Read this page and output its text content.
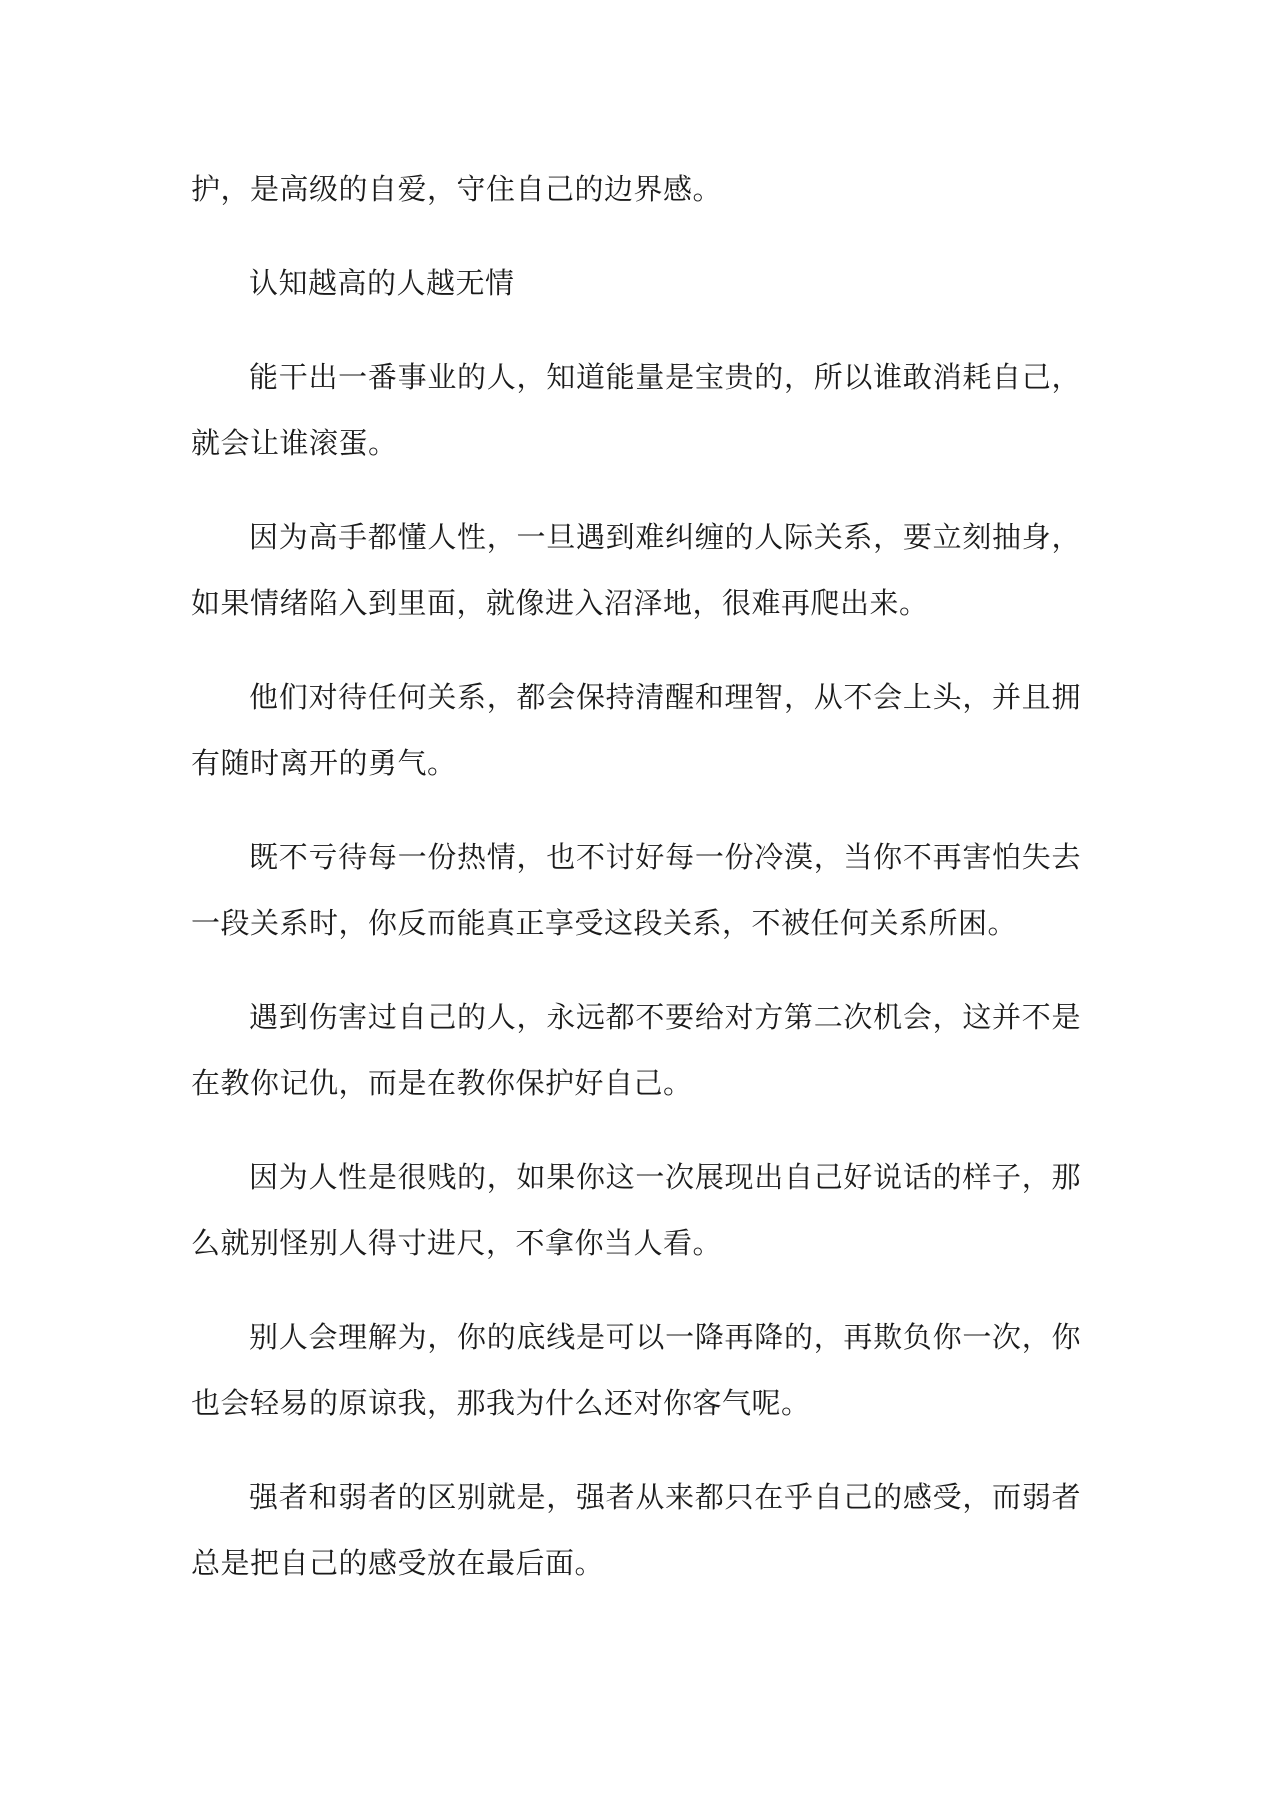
护，是高级的自爱，守住自己的边界感。

认知越高的人越无情

能干出一番事业的人，知道能量是宝贵的，所以谁敢消耗自己，就会让谁滚蛋。

因为高手都懂人性，一旦遇到难纠缠的人际关系，要立刻抽身，如果情绪陷入到里面，就像进入沼泽地，很难再爬出来。

他们对待任何关系，都会保持清醒和理智，从不会上头，并且拥有随时离开的勇气。

既不亏待每一份热情，也不讨好每一份冷漠，当你不再害怕失去一段关系时，你反而能真正享受这段关系，不被任何关系所困。

遇到伤害过自己的人，永远都不要给对方第二次机会，这并不是在教你记仇，而是在教你保护好自己。

因为人性是很贱的，如果你这一次展现出自己好说话的样子，那么就别怪别人得寸进尺，不拿你当人看。

别人会理解为，你的底线是可以一降再降的，再欺负你一次，你也会轻易的原谅我，那我为什么还对你客气呢。

强者和弱者的区别就是，强者从来都只在乎自己的感受，而弱者总是把自己的感受放在最后面。
